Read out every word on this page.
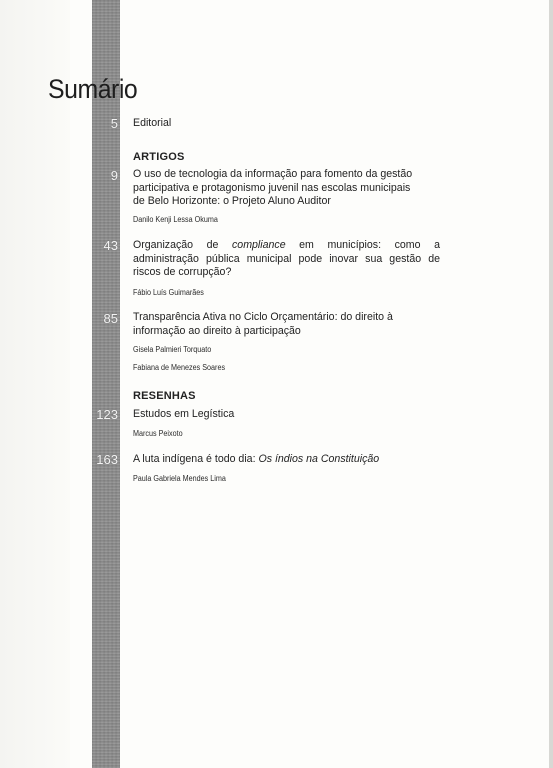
Sumário
5 Editorial
ARTIGOS
9 O uso de tecnologia da informação para fomento da gestão
participativa e protagonismo juvenil nas escolas municipais
de Belo Horizonte: o Projeto Aluno Auditor
Danilo Kenji Lessa Okuma
43 Organização de compliance em municípios: como a administração pública municipal pode inovar sua gestão de riscos de corrupção?
Fábio Luís Guimarães
85 Transparência Ativa no Ciclo Orçamentário: do direito à
informação ao direito à participação
Gisela Palmieri Torquato
Fabiana de Menezes Soares
RESENHAS
123 Estudos em Legística
Marcus Peixoto
163 A luta indígena é todo dia: Os índios na Constituição
Paula Gabriela Mendes Lima
